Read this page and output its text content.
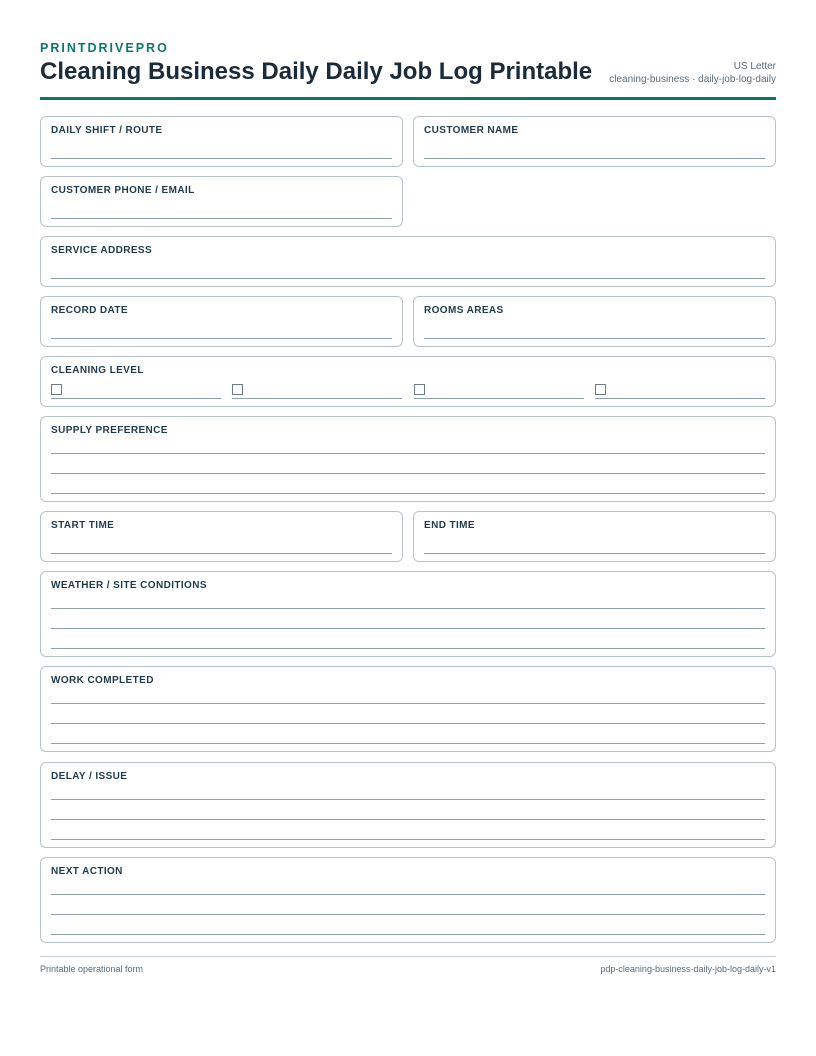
PRINTDRIVEPRO
Cleaning Business Daily Daily Job Log Printable	US Letter
cleaning-business · daily-job-log-daily
DAILY SHIFT / ROUTE	CUSTOMER NAME
CUSTOMER PHONE / EMAIL
SERVICE ADDRESS
RECORD DATE	ROOMS AREAS
CLEANING LEVEL
SUPPLY PREFERENCE
START TIME	END TIME
WEATHER / SITE CONDITIONS
WORK COMPLETED
DELAY / ISSUE
NEXT ACTION
Printable operational form	pdp-cleaning-business-daily-job-log-daily-v1
